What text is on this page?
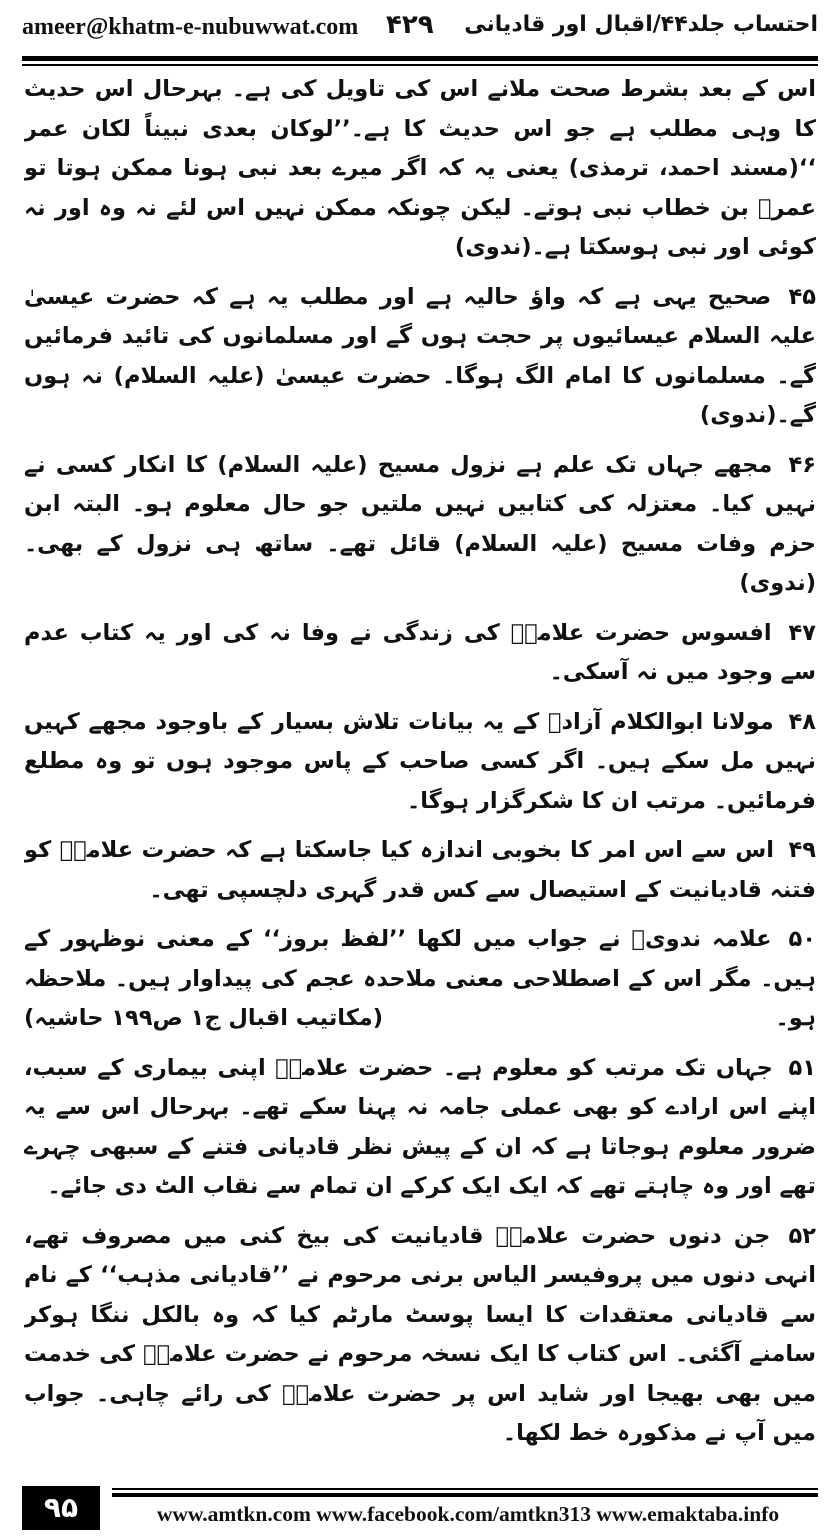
ameer@khatm-e-nubuwwat.com ۴۲۹ احتساب جلد۴۴/اقبال اور قادیانی

اس کے بعد بشرط صحت ملانے اس کی تاویل کی ہے۔ بہرحال اس حدیث کا وہی مطلب ہے جو اس حدیث کا ہے۔’’لوکان بعدی نبیناً لکان عمر ‘‘(مسند احمد، ترمذی) یعنی یہ کہ اگر میرے بعد نبی ہونا ممکن ہوتا تو عمرؓ بن خطاب نبی ہوتے۔ لیکن چونکہ ممکن نہیں اس لئے نہ وہ اور نہ کوئی اور نبی ہوسکتا ہے۔(ندوی)

۴۵ صحیح یہی ہے کہ واؤ حالیہ ہے اور مطلب یہ ہے کہ حضرت عیسیٰ علیہ السلام عیسائیوں پر حجت ہوں گے اور مسلمانوں کی تائید فرمائیں گے۔ مسلمانوں کا امام الگ ہوگا۔ حضرت عیسیٰ (علیہ السلام) نہ ہوں گے۔(ندوی)

۴۶ مجھے جہاں تک علم ہے نزول مسیح (علیہ السلام) کا انکار کسی نے نہیں کیا۔ معتزلہ کی کتابیں نہیں ملتیں جو حال معلوم ہو۔ البتہ ابن حزم وفات مسیح (علیہ السلام) قائل تھے۔ ساتھ ہی نزول کے بھی۔(ندوی)

۴۷ افسوس حضرت علامہؒ کی زندگی نے وفا نہ کی اور یہ کتاب عدم سے وجود میں نہ آسکی۔

۴۸ مولانا ابوالکلام آزادؒ کے یہ بیانات تلاش بسیار کے باوجود مجھے کہیں نہیں مل سکے ہیں۔ اگر کسی صاحب کے پاس موجود ہوں تو وہ مطلع فرمائیں۔ مرتب ان کا شکرگزار ہوگا۔

۴۹ اس سے اس امر کا بخوبی اندازہ کیا جاسکتا ہے کہ حضرت علامہؒ کو فتنہ قادیانیت کے استیصال سے کس قدر گہری دلچسپی تھی۔

۵۰ علامہ ندویؒ نے جواب میں لکھا ’’لفظ بروز‘‘ کے معنی نوظہور کے ہیں۔ مگر اس کے اصطلاحی معنی ملاحدہ عجم کی پیداوار ہیں۔ ملاحظہ ہو۔
(مکاتیب اقبال ج۱ ص۱۹۹ حاشیہ)

۵۱ جہاں تک مرتب کو معلوم ہے۔ حضرت علامہؒ اپنی بیماری کے سبب، اپنے اس ارادے کو بھی عملی جامہ نہ پہنا سکے تھے۔ بہرحال اس سے یہ ضرور معلوم ہوجاتا ہے کہ ان کے پیش نظر قادیانی فتنے کے سبھی چہرے تھے اور وہ چاہتے تھے کہ ایک ایک کرکے ان تمام سے نقاب الٹ دی جائے۔

۵۲ جن دنوں حضرت علامہؒ قادیانیت کی بیخ کنی میں مصروف تھے، انہی دنوں میں پروفیسر الیاس برنی مرحوم نے ’’قادیانی مذہب‘‘ کے نام سے قادیانی معتقدات کا ایسا پوسٹ مارٹم کیا کہ وہ بالکل ننگا ہوکر سامنے آگئی۔ اس کتاب کا ایک نسخہ مرحوم نے حضرت علامہؒ کی خدمت میں بھی بھیجا اور شاید اس پر حضرت علامہؒ کی رائے چاہی۔ جواب میں آپ نے مذکورہ خط لکھا۔

۹۵	www.amtkn.com www.facebook.com/amtkn313 www.emaktaba.info
